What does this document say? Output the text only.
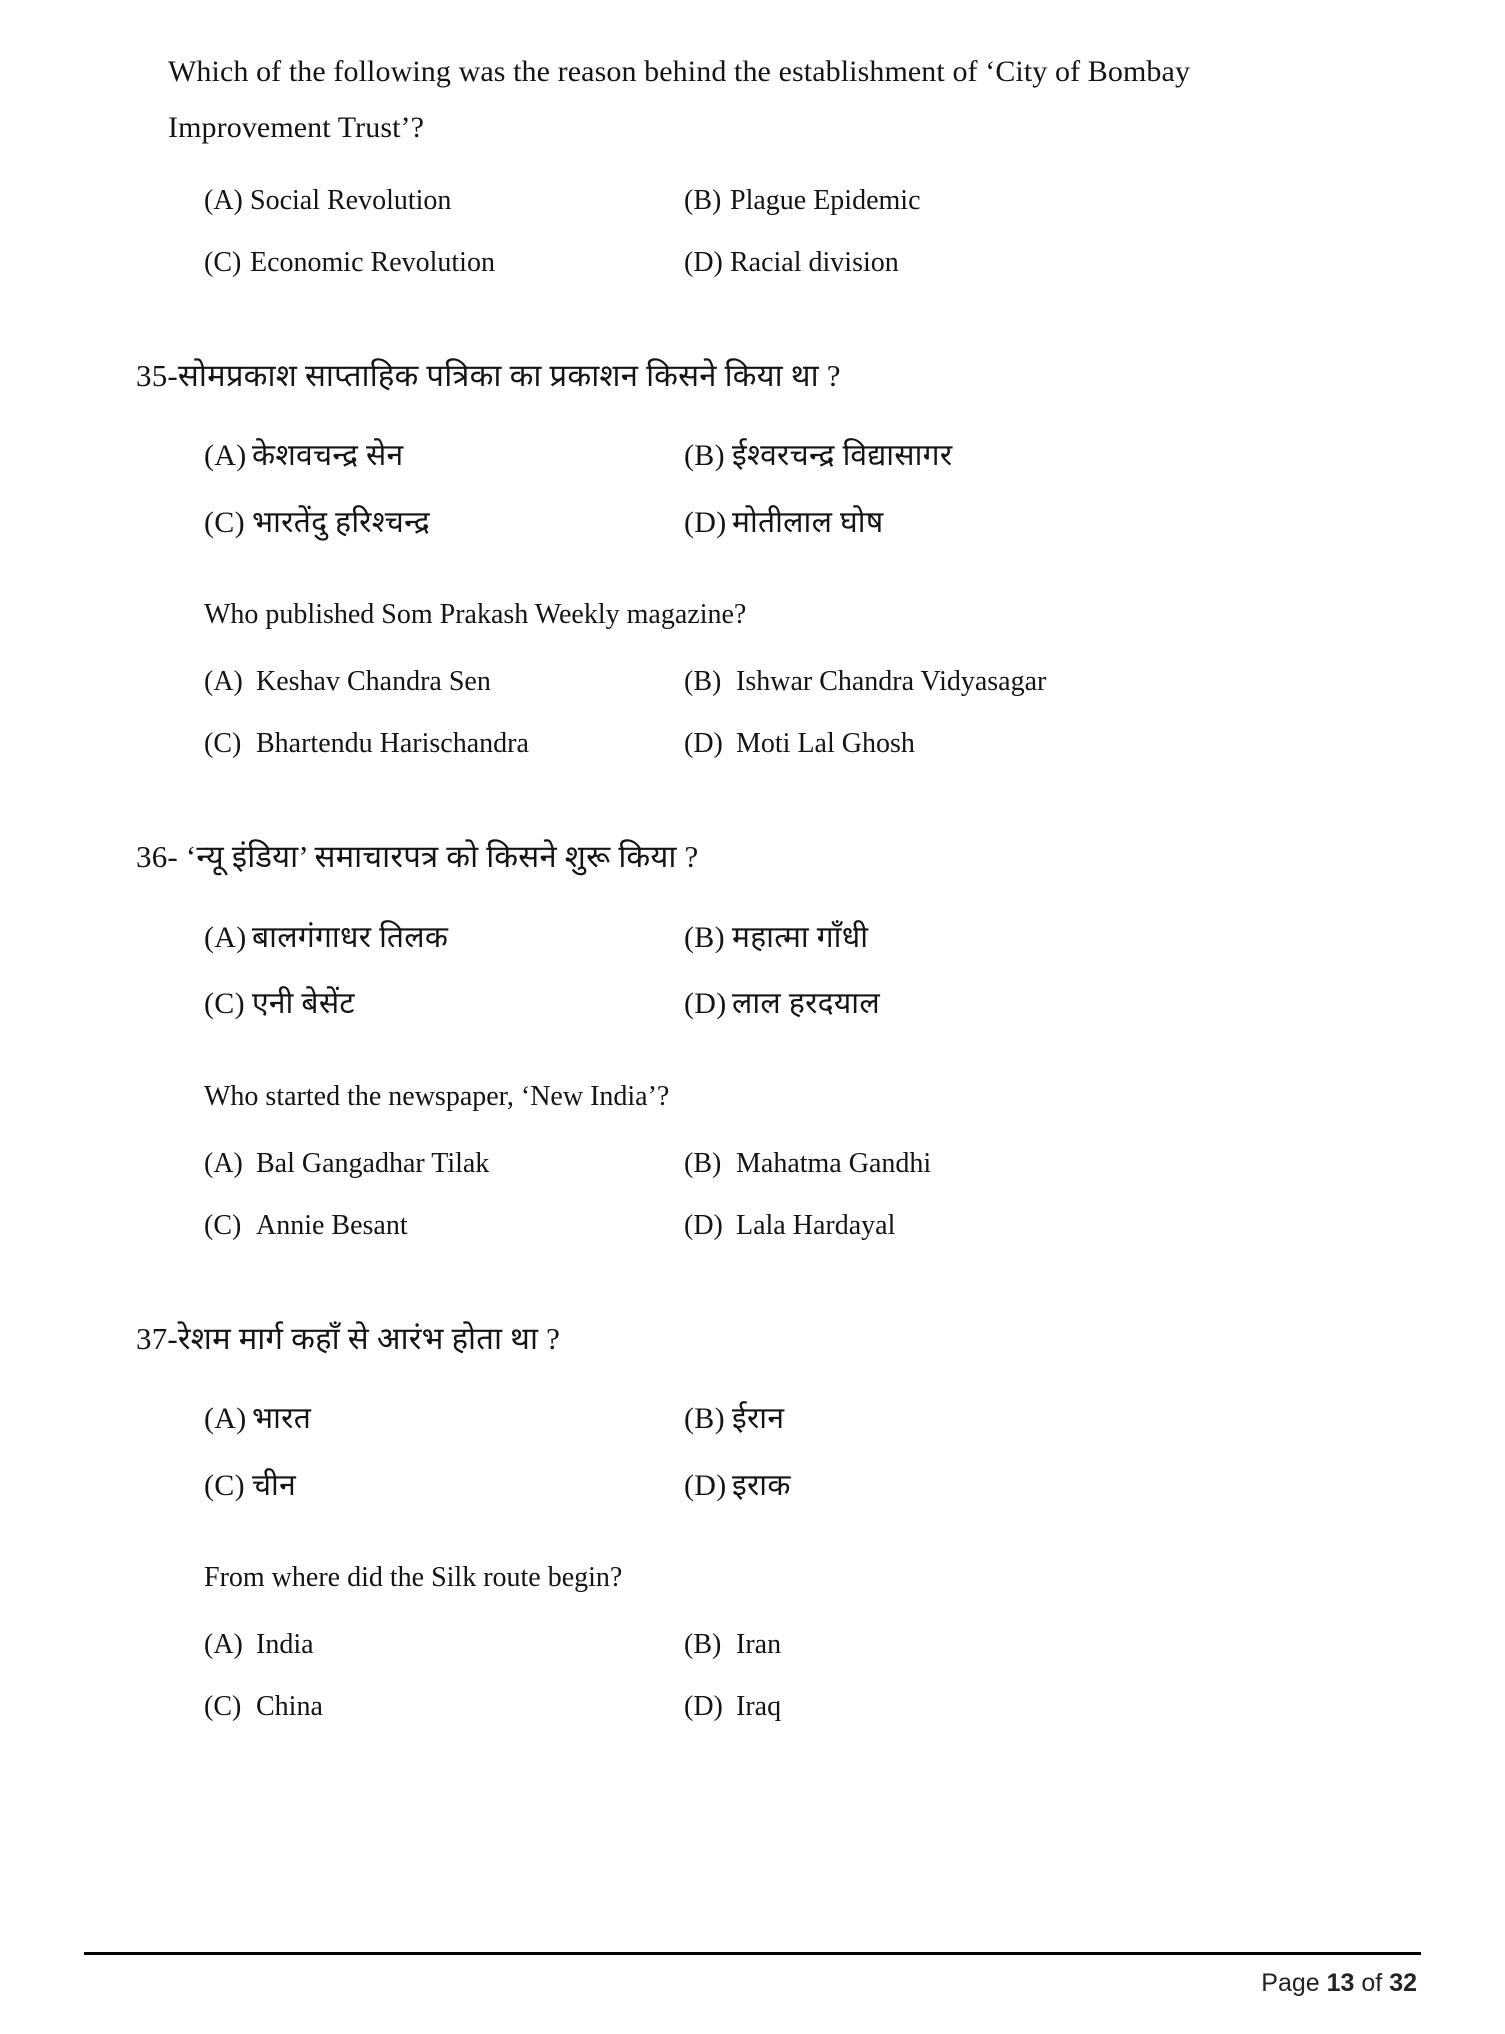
Which of the following was the reason behind the establishment of ‘City of Bombay
Improvement Trust’?
(A) Social Revolution	(B) Plague Epidemic
(C) Economic Revolution	(D) Racial division
35-सोमप्रकाश साप्ताहिक पत्रिका का प्रकाशन किसने किया था ?
(A) केशवचन्द्र सेन	(B) ईश्वरचन्द्र विद्यासागर
(C) भारतेंदु हरिश्चन्द्र	(D) मोतीलाल घोष
Who published Som Prakash Weekly magazine?
(A) Keshav Chandra Sen	(B) Ishwar Chandra Vidyasagar
(C) Bhartendu Harischandra	(D) Moti Lal Ghosh
36- ‘न्यू इंडिया’ समाचारपत्र को किसने शुरू किया ?
(A) बालगंगाधर तिलक	(B) महात्मा गाँधी
(C) एनी बेसेंट	(D) लाल हरदयाल
Who started the newspaper, ‘New India’?
(A) Bal Gangadhar Tilak	(B) Mahatma Gandhi
(C) Annie Besant	(D) Lala Hardayal
37-रेशम मार्ग कहाँ से आरंभ होता था ?
(A) भारत	(B) ईरान
(C) चीन	(D) इराक
From where did the Silk route begin?
(A) India	(B) Iran
(C) China	(D) Iraq
Page 13 of 32
